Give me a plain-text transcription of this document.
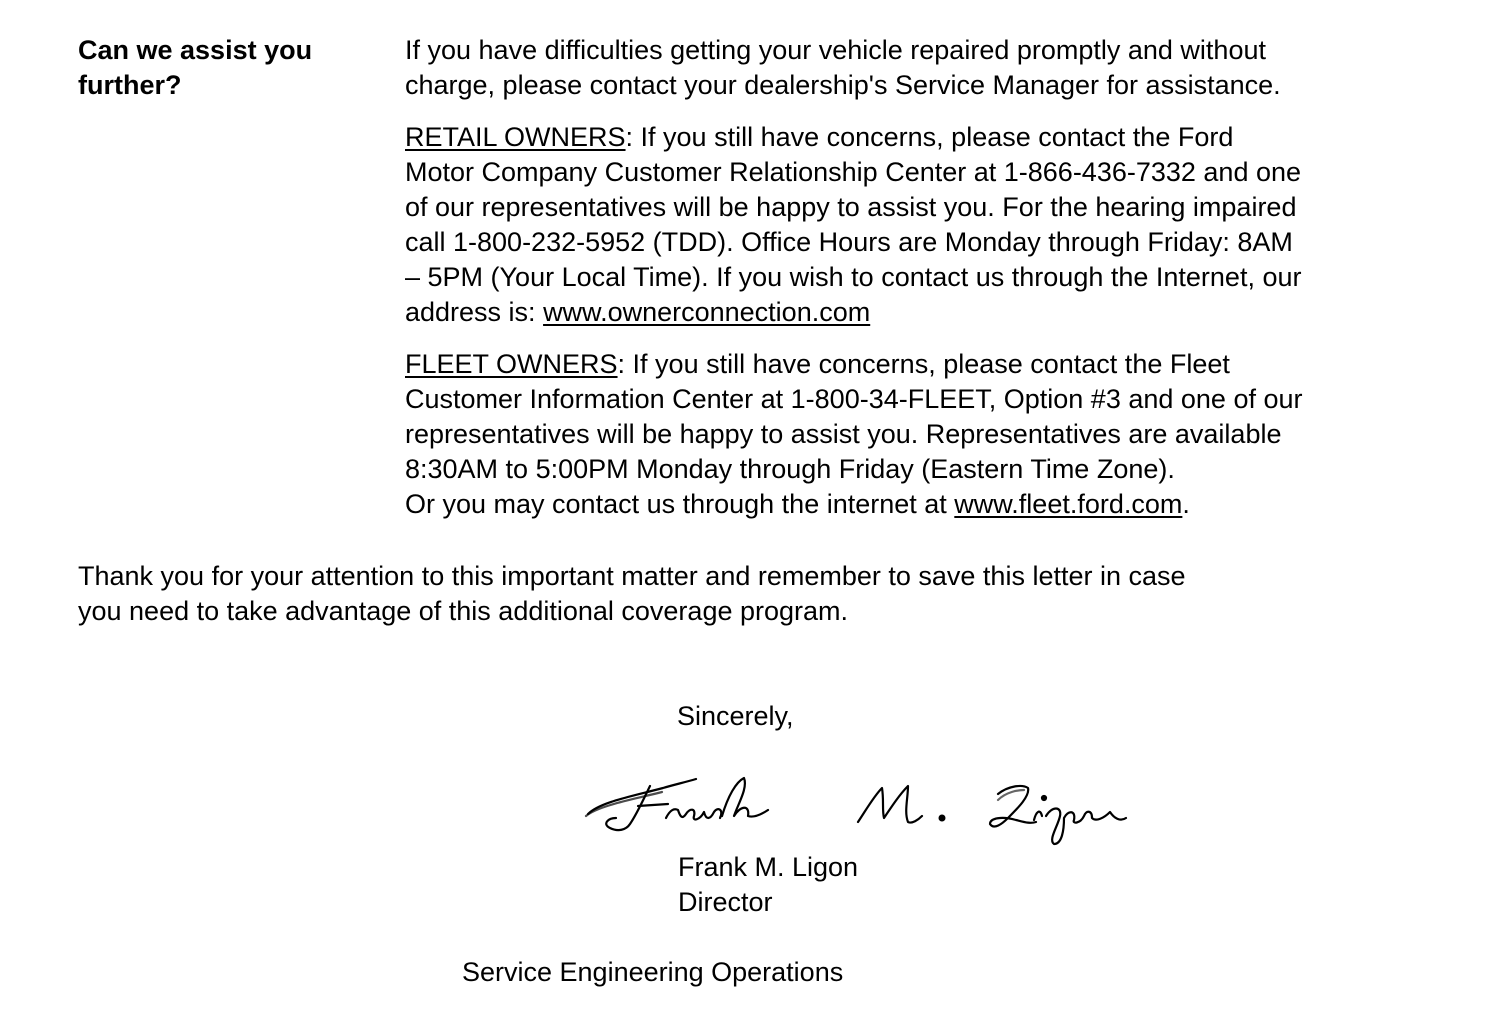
Can we assist you
further?

If you have difficulties getting your vehicle repaired promptly and without
charge, please contact your dealership's Service Manager for assistance.

RETAIL OWNERS: If you still have concerns, please contact the Ford
Motor Company Customer Relationship Center at 1-866-436-7332 and one
of our representatives will be happy to assist you. For the hearing impaired
call 1-800-232-5952 (TDD). Office Hours are Monday through Friday: 8AM
– 5PM (Your Local Time). If you wish to contact us through the Internet, our
address is: www.ownerconnection.com

FLEET OWNERS: If you still have concerns, please contact the Fleet
Customer Information Center at 1-800-34-FLEET, Option #3 and one of our
representatives will be happy to assist you. Representatives are available
8:30AM to 5:00PM Monday through Friday (Eastern Time Zone).
Or you may contact us through the internet at www.fleet.ford.com.

Thank you for your attention to this important matter and remember to save this letter in case
you need to take advantage of this additional coverage program.

Sincerely,

Frank M. Ligon
Director

Service Engineering Operations
